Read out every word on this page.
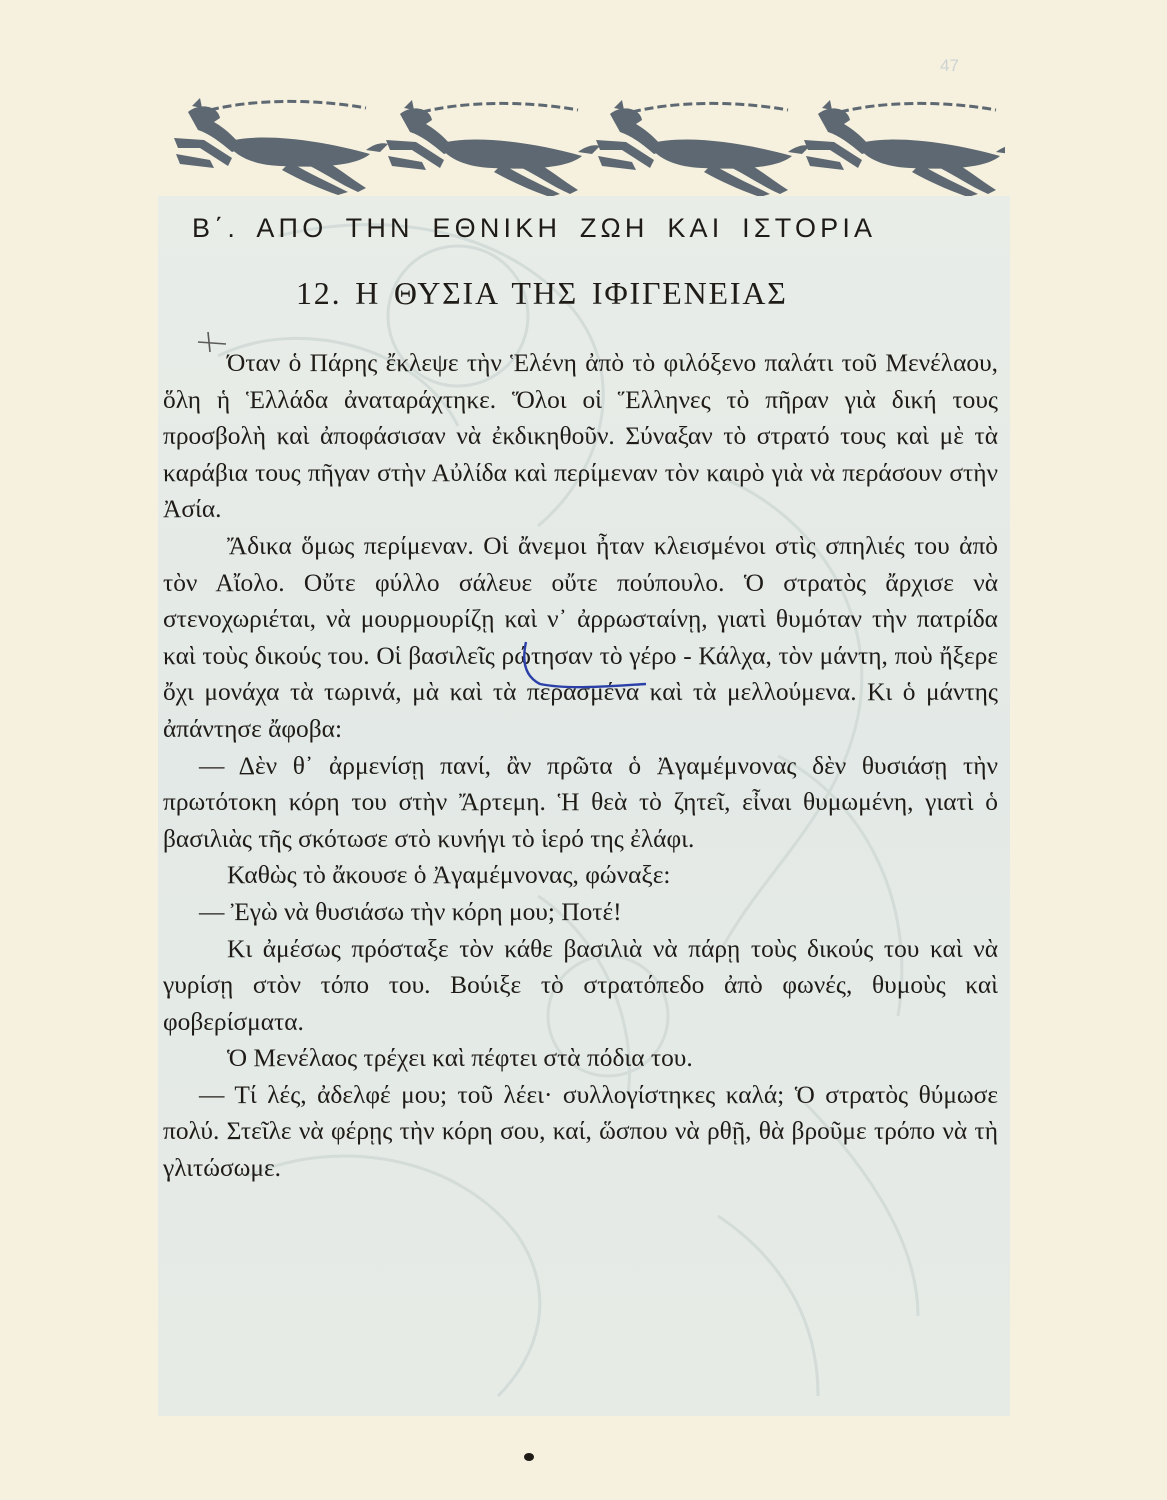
47
Β΄. ΑΠΟ ΤΗΝ ΕΘΝΙΚΗ ΖΩΗ ΚΑΙ ΙΣΤΟΡΙΑ
12. Η ΘΥΣΙΑ ΤΗΣ ΙΦΙΓΕΝΕΙΑΣ

Όταν ὁ Πάρης ἔκλεψε τὴν Ἑλένη ἀπὸ τὸ φιλόξενο παλάτι τοῦ Μενέλαου, ὅλη ἡ Ἑλλάδα ἀναταράχτηκε. Ὅλοι οἱ Ἕλληνες τὸ πῆραν γιὰ δική τους προσβολὴ καὶ ἀποφάσισαν νὰ ἐκδικηθοῦν. Σύναξαν τὸ στρατό τους καὶ μὲ τὰ καράβια τους πῆγαν στὴν Αὐλίδα καὶ περίμεναν τὸν καιρὸ γιὰ νὰ περάσουν στὴν Ἀσία.

Ἄδικα ὅμως περίμεναν. Οἱ ἄνεμοι ἦταν κλεισμένοι στὶς σπηλιές του ἀπὸ τὸν Αἴολο. Οὔτε φύλλο σάλευε οὔτε πούπουλο. Ὁ στρατὸς ἄρχισε νὰ στενοχωριέται, νὰ μουρμουρίζῃ καὶ ν᾿ ἀρρωσταίνῃ, γιατὶ θυμόταν τὴν πατρίδα καὶ τοὺς δικούς του. Οἱ βασιλεῖς ρώτησαν τὸ γέρο - Κάλχα, τὸν μάντη, ποὺ ἤξερε ὄχι μονάχα τὰ τωρινά, μὰ καὶ τὰ περασμένα καὶ τὰ μελλούμενα. Κι ὁ μάντης ἀπάντησε ἄφοβα:

— Δὲν θ᾿ ἀρμενίσῃ πανί, ἂν πρῶτα ὁ Ἀγαμέμνονας δὲν θυσιάσῃ τὴν πρωτότοκη κόρη του στὴν Ἄρτεμη. Ἡ θεὰ τὸ ζητεῖ, εἶναι θυμωμένη, γιατὶ ὁ βασιλιὰς τῆς σκότωσε στὸ κυνήγι τὸ ἱερό της ἐλάφι.

Καθὼς τὸ ἄκουσε ὁ Ἀγαμέμνονας, φώναξε:

— Ἐγὼ νὰ θυσιάσω τὴν κόρη μου; Ποτέ!

Κι ἀμέσως πρόσταξε τὸν κάθε βασιλιὰ νὰ πάρῃ τοὺς δικούς του καὶ νὰ γυρίσῃ στὸν τόπο του. Βούιξε τὸ στρατόπεδο ἀπὸ φωνές, θυμοὺς καὶ φοβερίσματα.

Ὁ Μενέλαος τρέχει καὶ πέφτει στὰ πόδια του.

— Τί λές, ἀδελφέ μου; τοῦ λέει· συλλογίστηκες καλά; Ὁ στρατὸς θύμωσε πολύ. Στεῖλε νὰ φέρῃς τὴν κόρη σου, καί, ὥσπου νὰ ρθῇ, θὰ βροῦμε τρόπο νὰ τὴ γλιτώσωμε.
